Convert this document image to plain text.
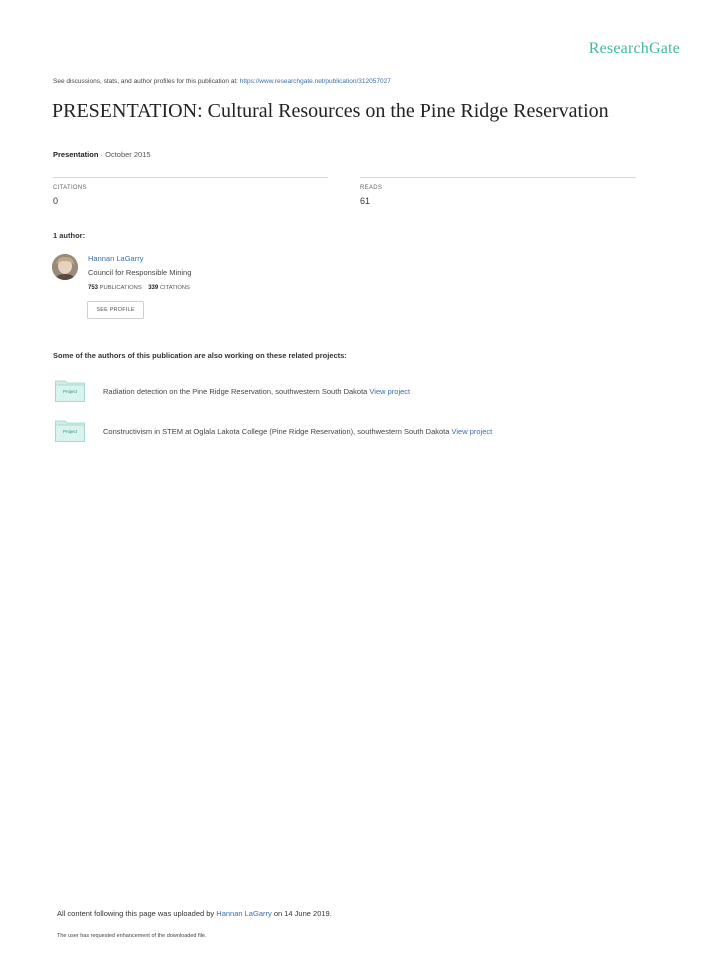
ResearchGate
See discussions, stats, and author profiles for this publication at: https://www.researchgate.net/publication/312057027
PRESENTATION: Cultural Resources on the Pine Ridge Reservation
Presentation · October 2015
CITATIONS
0
READS
61
1 author:
Hannan LaGarry
Council for Responsible Mining
753 PUBLICATIONS 339 CITATIONS
SEE PROFILE
Some of the authors of this publication are also working on these related projects:
Project	Radiation detection on the Pine Ridge Reservation, southwestern South Dakota View project
Project	Constructivism in STEM at Oglala Lakota College (Pine Ridge Reservation), southwestern South Dakota View project
All content following this page was uploaded by Hannan LaGarry on 14 June 2019.
The user has requested enhancement of the downloaded file.
